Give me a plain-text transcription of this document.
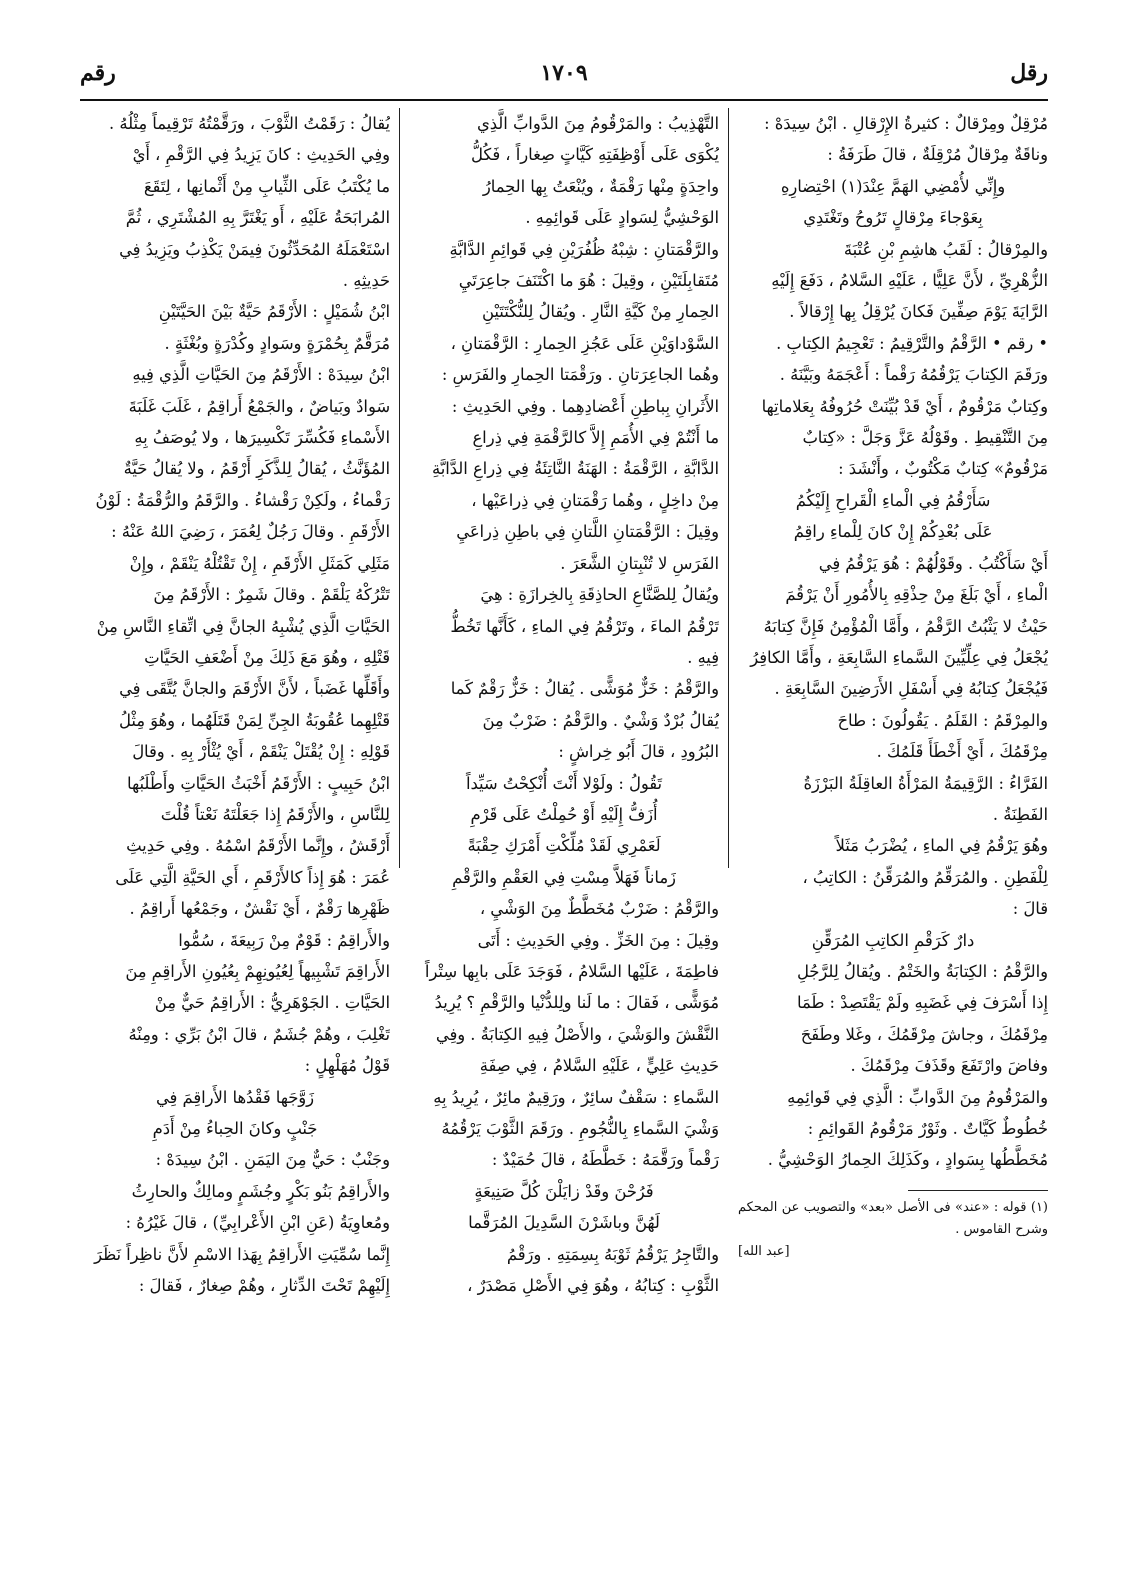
رقل
١٧٠٩
رقم

مُرْقِلٌ ومِرْقالٌ : كثيرةُ الإِرْقالِ . ابْنُ سِيدَهْ :

وناقَةٌ مِرْقالٌ مُرْقِلَةٌ ، قالَ طَرَفَةُ :

وإِنِّي لأُمْضِي الهَمَّ عِنْدَ(١) احْتِضارِهِ

بِعَوْجاءَ مِرْقالٍ تَرُوحُ وتَغْتَدِي

والمِرْقالُ : لَقَبُ هاشِمِ بْنِ عُتْبَةَ

الزُّهْرِيِّ ، لأَنَّ عَلِيًّا ، عَلَيْهِ السَّلامُ ، دَفَعَ إِلَيْهِ

الرَّايَةَ يَوْمَ صِفِّينَ فَكانَ يُرْقِلُ بِها إِرْقالاً .

• رقم • الرَّقْمُ والتَّرْقِيمُ : تَعْجِيمُ الكِتابِ .

ورَقَمَ الكِتابَ يَرْقُمُهُ رَقْماً : أَعْجَمَهُ وبَيَّنَهُ .

وكِتابٌ مَرْقُومٌ ، أَيْ قَدْ بُيِّنَتْ حُرُوفُهُ بِعَلاماتِها

مِنَ التَّنْقِيطِ . وقَوْلُهُ عَزَّ وَجَلَّ : «كِتابٌ

مَرْقُومٌ» كِتابٌ مَكْتُوبٌ ، وأَنْشَدَ :

سَأَرْقُمُ فِي الْماءِ الْقَراحِ إِلَيْكُمُ

عَلَى بُعْدِكُمْ إِنْ كانَ لِلْماءِ راقِمُ

أَيْ سَأَكْتُبُ . وقَوْلُهُمْ : هُوَ يَرْقُمُ فِي

الْماءِ ، أَيْ بَلَغَ مِنْ حِذْقِهِ بِالأُمُورِ أَنْ يَرْقُمَ

حَيْثُ لا يَثْبُتُ الرَّقْمُ ، وأَمَّا الْمُؤْمِنُ فَإِنَّ كِتابَهُ

يُجْعَلُ فِي عِلِّيِّينَ السَّماءِ السَّابِعَةِ ، وأَمَّا الكافِرُ

فَيُجْعَلُ كِتابُهُ فِي أَسْفَلِ الأَرَضِينَ السَّابِعَةِ .

والمِرْقَمُ : القَلَمُ . يَقُولُونَ : طاحَ

مِرْقَمُكَ ، أَيْ أَخْطَأَ قَلَمُكَ .

الفَرَّاءُ : الرَّقِيمَةُ المَرْأَةُ العاقِلَةُ البَرْزَةُ

الفَطِنَةُ .

وهُوَ يَرْقُمُ فِي الماءِ ، يُضْرَبُ مَثَلاً

لِلْفَطِنِ . والمُرَقِّمُ والمُرَقِّنُ : الكاتِبُ ،

قالَ :

دارٌ كَرَقْمِ الكاتِبِ المُرَقِّنِ

والرَّقْمُ : الكِتابَةُ والخَتْمُ . ويُقالُ لِلرَّجُلِ

إِذا أَسْرَفَ فِي غَضَبِهِ ولَمْ يَقْتَصِدْ : طَمَا

مِرْقَمُكَ ، وجاشَ مِرْقَمُكَ ، وغَلا وطَفَحَ

وفاضَ وارْتَفَعَ وقَذَفَ مِرْقَمُكَ .

والمَرْقُومُ مِنَ الدَّوابِّ : الَّذِي فِي قَوائِمِهِ

خُطُوطٌ كَيَّاتٌ . وثَوْرٌ مَرْقُومُ القَوائِمِ :

مُخَطَّطُها بِسَوادٍ ، وكَذَلِكَ الحِمارُ الوَحْشِيُّ .

(١) قوله : «عند» فى الأصل «بعد» والتصويب عن المحكم وشرح القاموس .

[عبد الله]

التَّهْذِيبُ : والمَرْقُومُ مِنَ الدَّوابِّ الَّذِي

يُكْوَى عَلَى أَوْظِفَتِهِ كَيَّاتٍ صِغاراً ، فَكُلُّ

واحِدَةٍ مِنْها رَقْمَةٌ ، ويُنْعَتُ بِها الحِمارُ

الوَحْشِيُّ لِسَوادٍ عَلَى قَوائِمِهِ .

والرَّقْمَتانِ : شِبْهُ ظُفُرَيْنِ فِي قَوائِمِ الدَّابَّةِ

مُتَقابِلَتَيْنِ ، وقِيلَ : هُوَ ما اكْتَنَفَ جاعِرَتَيِ

الحِمارِ مِنْ كَيَّةِ النَّارِ . ويُقالُ لِلنُّكْتَتَيْنِ

السَّوْداوَيْنِ عَلَى عَجُزِ الحِمارِ : الرَّقْمَتانِ ،

وهُما الجاعِرَتانِ . ورَقْمَتا الحِمارِ والفَرَسِ :

الأَثَرانِ بِباطِنِ أَعْضادِهِما . وفِي الحَدِيثِ :

ما أَنْتُمْ فِي الأُمَمِ إِلاَّ كالرَّقْمَةِ فِي ذِراعِ

الدَّابَّةِ ، الرَّقْمَةُ : الهَنَةُ النَّاتِئَةُ فِي ذِراعِ الدَّابَّةِ

مِنْ داخِلٍ ، وهُما رَقْمَتانِ فِي ذِراعَيْها ،

وقِيلَ : الرَّقْمَتانِ اللَّتانِ فِي باطِنِ ذِراعَيِ

الفَرَسِ لا تُنْبِتانِ الشَّعَرَ .

ويُقالُ لِلصَّنَّاعِ الحاذِقَةِ بِالخِرازَةِ : هِيَ

تَرْقُمُ الماءَ ، وتَرْقُمُ فِي الماءِ ، كَأَنَّها تَخُطُّ

فِيهِ .

والرَّقْمُ : خَزٌّ مُوَشًّى . يُقالُ : خَزٌّ رَقْمٌ كَما

يُقالُ بُرْدٌ وَشْيٌ . والرَّقْمُ : ضَرْبٌ مِنَ

البُرُودِ ، قالَ أَبُو خِراشٍ :

تَقُولُ : ولَوْلا أَنْتَ أُنْكِحْتُ سَيِّداً

أُزَفُّ إِلَيْهِ أَوْ حُمِلْتُ عَلَى قَرْمِ

لَعَمْرِي لَقَدْ مُلِّكْتِ أَمْرَكِ حِقْبَةً

زَماناً فَهَلاَّ مِسْتِ فِي العَقْمِ والرَّقْمِ

والرَّقْمُ : ضَرْبٌ مُخَطَّطٌ مِنَ الوَشْيِ ،

وقِيلَ : مِنَ الخَزِّ . وفِي الحَدِيثِ : أَتَى

فاطِمَةَ ، عَلَيْها السَّلامُ ، فَوَجَدَ عَلَى بابِها سِتْراً

مُوَشًّى ، فَقالَ : ما لَنا ولِلدُّنْيا والرَّقْمِ ؟ يُرِيدُ

النَّقْشَ والوَشْيَ ، والأَصْلُ فِيهِ الكِتابَةُ . وفِي

حَدِيثِ عَلِيٍّ ، عَلَيْهِ السَّلامُ ، فِي صِفَةِ

السَّماءِ : سَقْفٌ سائِرٌ ، ورَقِيمٌ مائِرٌ ، يُرِيدُ بِهِ

وَشْيَ السَّماءِ بِالنُّجُومِ . ورَقَمَ الثَّوْبَ يَرْقُمُهُ

رَقْماً ورَقَّمَهُ : خَطَّطَهُ ، قالَ حُمَيْدٌ :

فَرُحْنَ وقَدْ زايَلْنَ كُلَّ صَنِيعَةٍ

لَهُنَّ وباشَرْنَ السَّدِيلَ المُرَقَّما

والتَّاجِرُ يَرْقُمُ ثَوْبَهُ بِسِمَتِهِ . ورَقْمُ

الثَّوْبِ : كِتابُهُ ، وهُوَ فِي الأَصْلِ مَصْدَرٌ ،

يُقالُ : رَقَمْتُ الثَّوْبَ ، ورَقَّمْتُهُ تَرْقِيماً مِثْلُهُ .

وفِي الحَدِيثِ : كانَ يَزِيدُ فِي الرَّقْمِ ، أَيْ

ما يُكْتَبُ عَلَى الثِّيابِ مِنْ أَثْمانِها ، لِتَقَعَ

المُرابَحَةُ عَلَيْهِ ، أَو يَغْتَرَّ بِهِ المُشْتَرِي ، ثُمَّ

اسْتَعْمَلَهُ المُحَدِّثُونَ فِيمَنْ يَكْذِبُ ويَزِيدُ فِي

حَدِيثِهِ .

ابْنُ شُمَيْلٍ : الأَرْقَمُ حَيَّةٌ بَيْنَ الحَيَّتَيْنِ

مُرَقَّمٌ بِحُمْرَةٍ وسَوادٍ وكُدْرَةٍ وبُغْثَةٍ .

ابْنُ سِيدَهْ : الأَرْقَمُ مِنَ الحَيَّاتِ الَّذِي فِيهِ

سَوادٌ وبَياضٌ ، والجَمْعُ أَراقِمُ ، غَلَبَ غَلَبَةَ

الأَسْماءِ فَكُسِّرَ تَكْسِيرَها ، ولا يُوصَفُ بِهِ

المُؤَنَّثُ ، يُقالُ لِلذَّكَرِ أَرْقَمُ ، ولا يُقالُ حَيَّةٌ

رَقْماءُ ، ولَكِنْ رَقْشاءُ . والرَّقَمُ والرُّقْمَةُ : لَوْنُ

الأَرْقَمِ . وقالَ رَجُلٌ لِعُمَرَ ، رَضِيَ اللهُ عَنْهُ :

مَثَلِي كَمَثَلِ الأَرْقَمِ ، إِنْ تَقْتُلْهُ يَنْقَمْ ، وإِنْ

تَتْرُكْهُ يَلْقَمْ . وقالَ شَمِرٌ : الأَرْقَمُ مِنَ

الحَيَّاتِ الَّذِي يُشْبِهُ الجانَّ فِي اتِّقاءِ النَّاسِ مِنْ

قَتْلِهِ ، وهُوَ مَعَ ذَلِكَ مِنْ أَضْعَفِ الحَيَّاتِ

وأَقَلِّها غَضَباً ، لأَنَّ الأَرْقَمَ والجانَّ يُتَّقَى فِي

قَتْلِهِما عُقُوبَةُ الجِنِّ لِمَنْ قَتَلَهُما ، وهُوَ مِثْلُ

قَوْلِهِ : إِنْ يُقْتَلْ يَنْقَمْ ، أَيْ يُثْأَرْ بِهِ . وقالَ

ابْنُ حَبِيبٍ : الأَرْقَمُ أَخْبَثُ الحَيَّاتِ وأَطْلَبُها

لِلنَّاسِ ، والأَرْقَمُ إِذا جَعَلْتَهُ نَعْتاً قُلْتَ

أَرْقَشُ ، وإِنَّما الأَرْقَمُ اسْمُهُ . وفِي حَدِيثِ

عُمَرَ : هُوَ إِذاً كالأَرْقَمِ ، أَي الحَيَّةِ الَّتِي عَلَى

ظَهْرِها رَقْمٌ ، أَيْ نَقْشٌ ، وجَمْعُها أَراقِمُ .

والأَراقِمُ : قَوْمٌ مِنْ رَبِيعَةَ ، سُمُّوا

الأَراقِمَ تَشْبِيهاً لِعُيُونِهِمْ بِعُيُونِ الأَراقِمِ مِنَ

الحَيَّاتِ . الجَوْهَرِيُّ : الأَراقِمُ حَيٌّ مِنْ

تَغْلِبَ ، وهُمْ جُشَمٌ ، قالَ ابْنُ بَرِّي : ومِنْهُ

قَوْلُ مُهَلْهِلٍ :

زَوَّجَها فَقْدُها الأَراقِمَ فِي

جَنْبٍ وكانَ الحِباءُ مِنْ أَدَمِ

وجَنْبٌ : حَيٌّ مِنَ اليَمَنِ . ابْنُ سِيدَهْ :

والأَراقِمُ بَنُو بَكْرٍ وجُشَمٍ ومالِكٌ والحارِثُ

ومُعاوِيَةُ (عَنِ ابْنِ الأَعْرابِيِّ) ، قالَ غَيْرُهُ :

إِنَّما سُمِّيَتِ الأَراقِمُ بِهَذا الاسْمِ لأَنَّ ناظِراً نَظَرَ

إِلَيْهِمْ تَحْتَ الدِّثارِ ، وهُمْ صِغارٌ ، فَقالَ :
